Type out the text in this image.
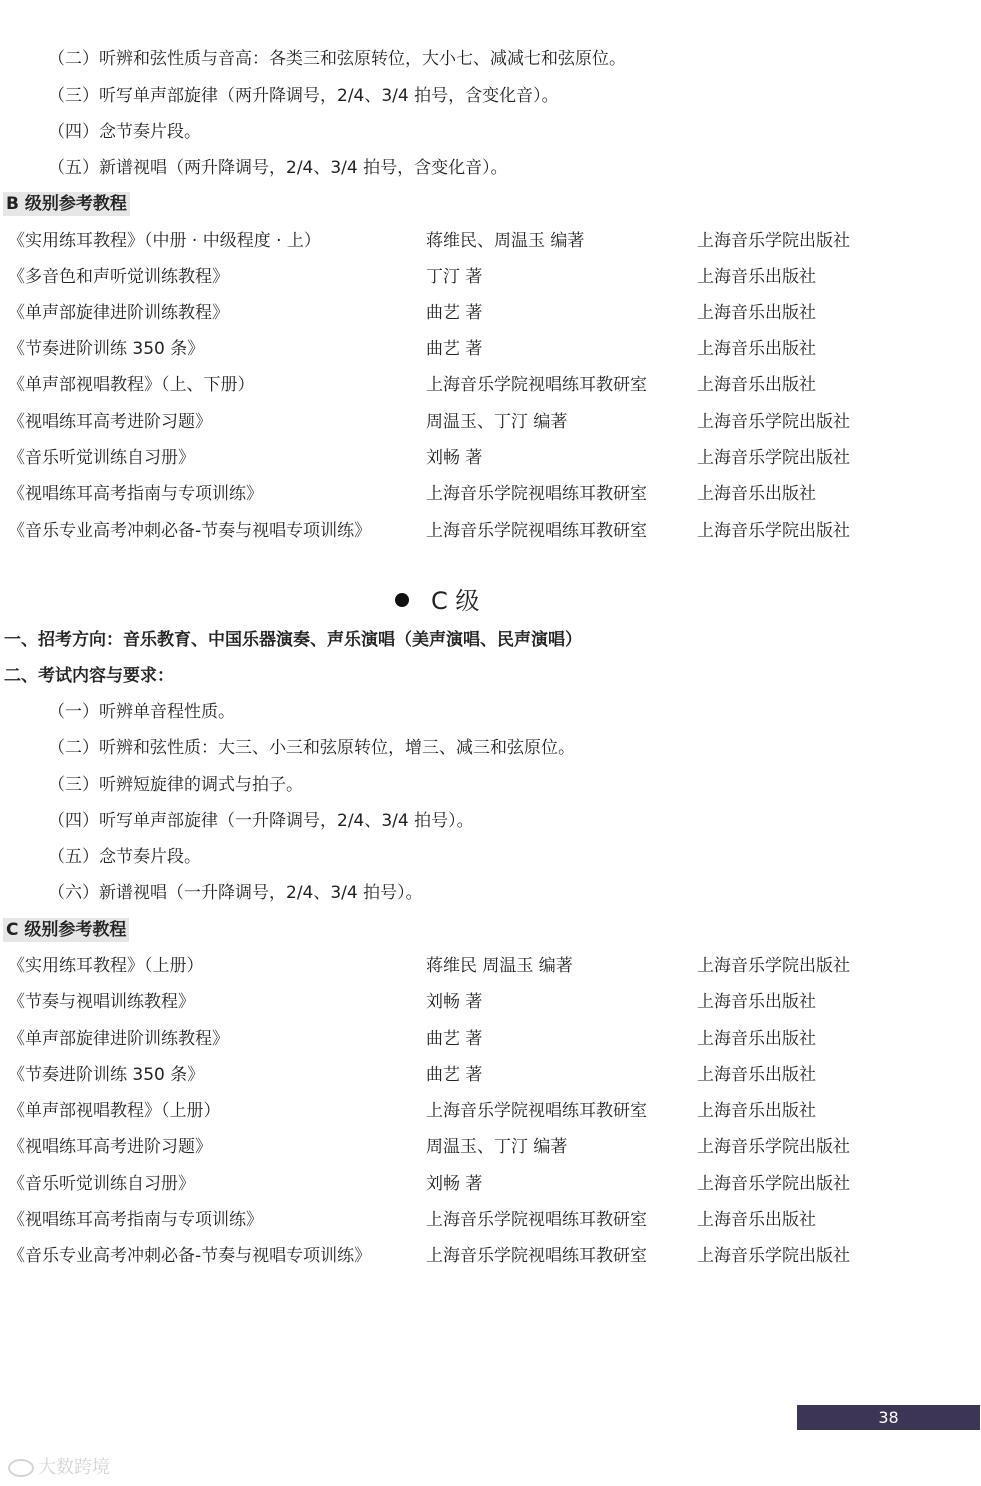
（二）听辨和弦性质与音高：各类三和弦原转位，大小七、减减七和弦原位。
（三）听写单声部旋律（两升降调号，2/4、3/4 拍号，含变化音）。
（四）念节奏片段。
（五）新谱视唱（两升降调号，2/4、3/4 拍号，含变化音）。
B 级别参考教程
《实用练耳教程》（中册 · 中级程度 · 上）	蒋维民、周温玉 编著	上海音乐学院出版社
《多音色和声听觉训练教程》	丁汀 著	上海音乐出版社
《单声部旋律进阶训练教程》	曲艺 著	上海音乐出版社
《节奏进阶训练 350 条》	曲艺 著	上海音乐出版社
《单声部视唱教程》（上、下册）	上海音乐学院视唱练耳教研室	上海音乐出版社
《视唱练耳高考进阶习题》	周温玉、丁汀 编著	上海音乐学院出版社
《音乐听觉训练自习册》	刘畅 著	上海音乐学院出版社
《视唱练耳高考指南与专项训练》	上海音乐学院视唱练耳教研室	上海音乐出版社
《音乐专业高考冲刺必备-节奏与视唱专项训练》	上海音乐学院视唱练耳教研室	上海音乐学院出版社
C 级
一、招考方向：音乐教育、中国乐器演奏、声乐演唱（美声演唱、民声演唱）
二、考试内容与要求：
（一）听辨单音程性质。
（二）听辨和弦性质：大三、小三和弦原转位，增三、减三和弦原位。
（三）听辨短旋律的调式与拍子。
（四）听写单声部旋律（一升降调号，2/4、3/4 拍号）。
（五）念节奏片段。
（六）新谱视唱（一升降调号，2/4、3/4 拍号）。
C 级别参考教程
《实用练耳教程》（上册）	蒋维民 周温玉 编著	上海音乐学院出版社
《节奏与视唱训练教程》	刘畅 著	上海音乐出版社
《单声部旋律进阶训练教程》	曲艺 著	上海音乐出版社
《节奏进阶训练 350 条》	曲艺 著	上海音乐出版社
《单声部视唱教程》（上册）	上海音乐学院视唱练耳教研室	上海音乐出版社
《视唱练耳高考进阶习题》	周温玉、丁汀 编著	上海音乐学院出版社
《音乐听觉训练自习册》	刘畅 著	上海音乐学院出版社
《视唱练耳高考指南与专项训练》	上海音乐学院视唱练耳教研室	上海音乐出版社
《音乐专业高考冲刺必备-节奏与视唱专项训练》	上海音乐学院视唱练耳教研室	上海音乐学院出版社
38
大数跨境
